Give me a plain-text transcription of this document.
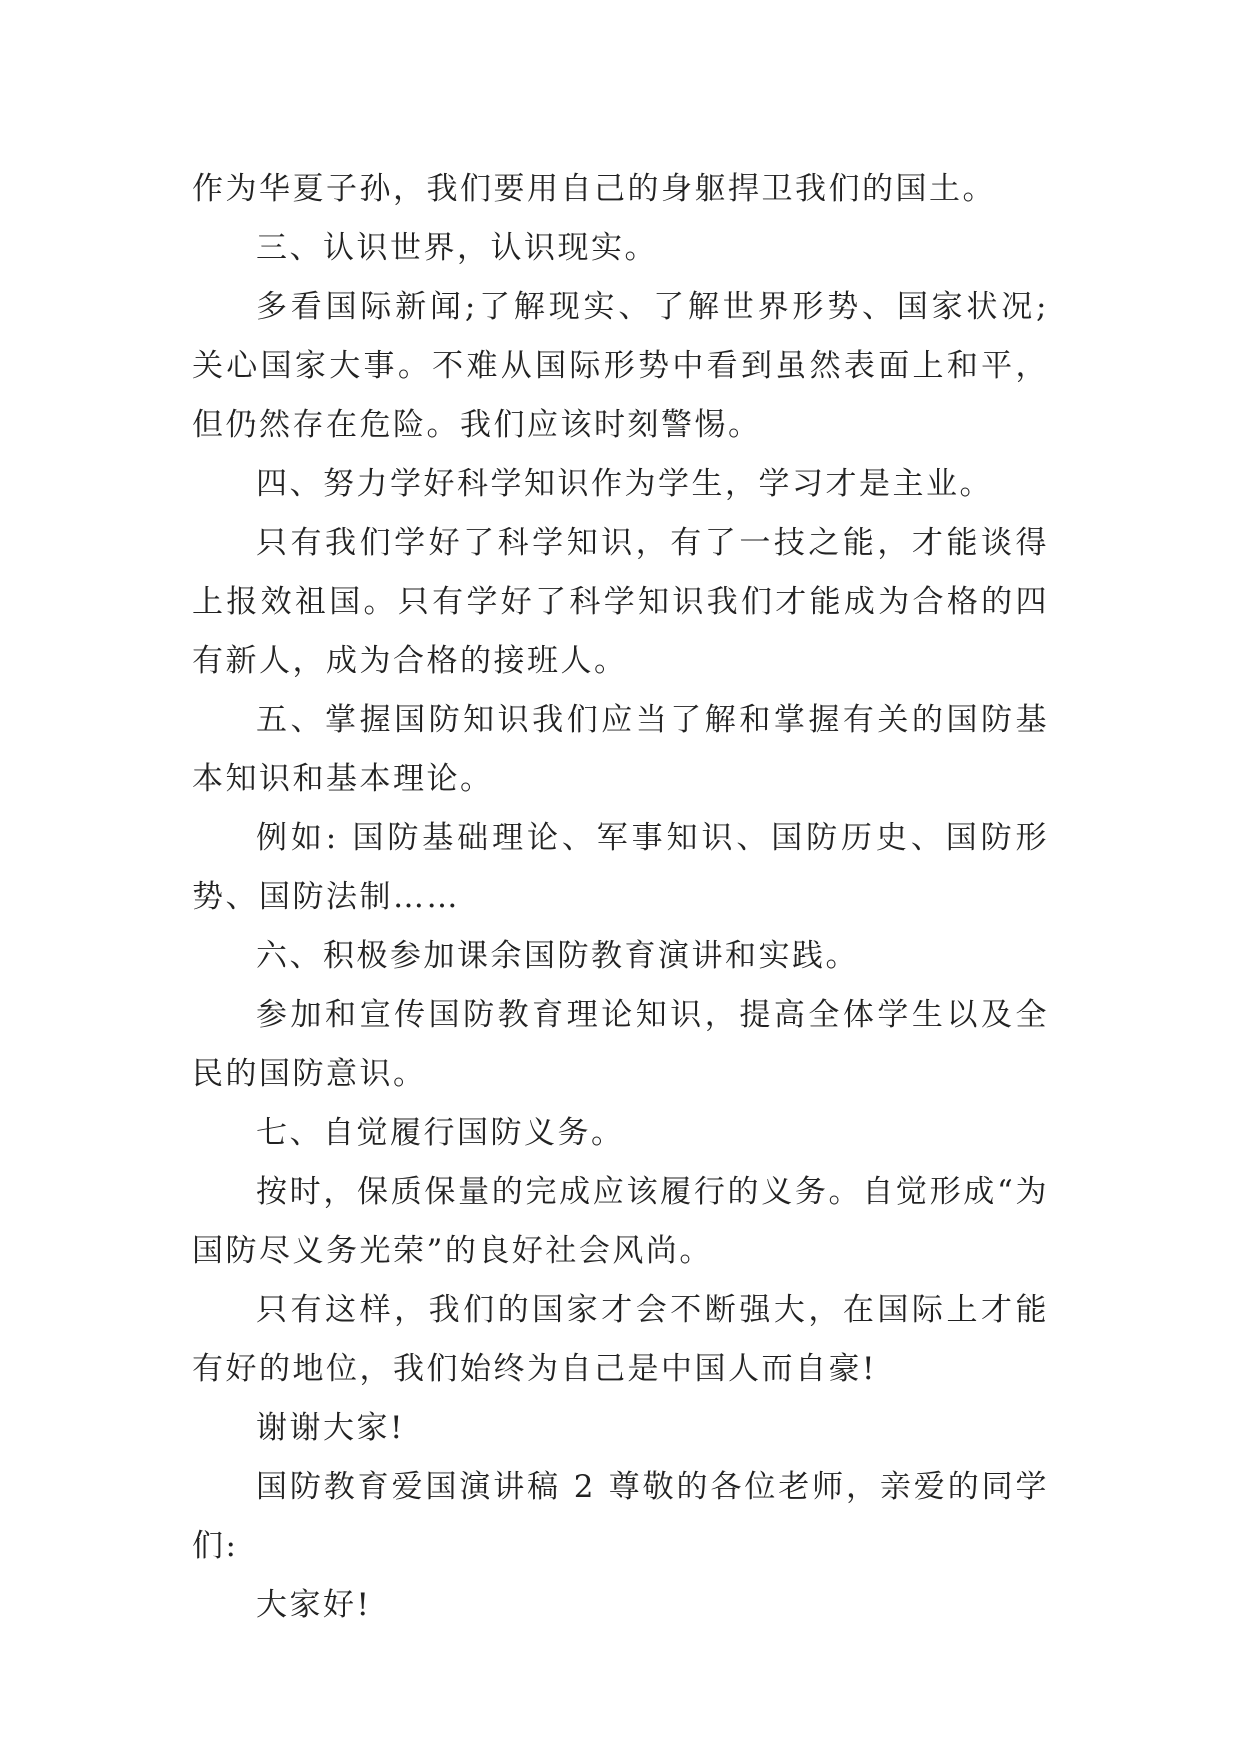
作为华夏子孙，我们要用自己的身躯捍卫我们的国土。

三、认识世界，认识现实。

多看国际新闻;了解现实、了解世界形势、国家状况;关心国家大事。不难从国际形势中看到虽然表面上和平，但仍然存在危险。我们应该时刻警惕。

四、努力学好科学知识作为学生，学习才是主业。

只有我们学好了科学知识，有了一技之能，才能谈得上报效祖国。只有学好了科学知识我们才能成为合格的四有新人，成为合格的接班人。

五、掌握国防知识我们应当了解和掌握有关的国防基本知识和基本理论。

例如: 国防基础理论、军事知识、国防历史、国防形势、国防法制……

六、积极参加课余国防教育演讲和实践。

参加和宣传国防教育理论知识，提高全体学生以及全民的国防意识。

七、自觉履行国防义务。

按时，保质保量的完成应该履行的义务。自觉形成“为国防尽义务光荣”的良好社会风尚。

只有这样，我们的国家才会不断强大，在国际上才能有好的地位，我们始终为自己是中国人而自豪!

谢谢大家!

国防教育爱国演讲稿 2 尊敬的各位老师，亲爱的同学们:

大家好!
